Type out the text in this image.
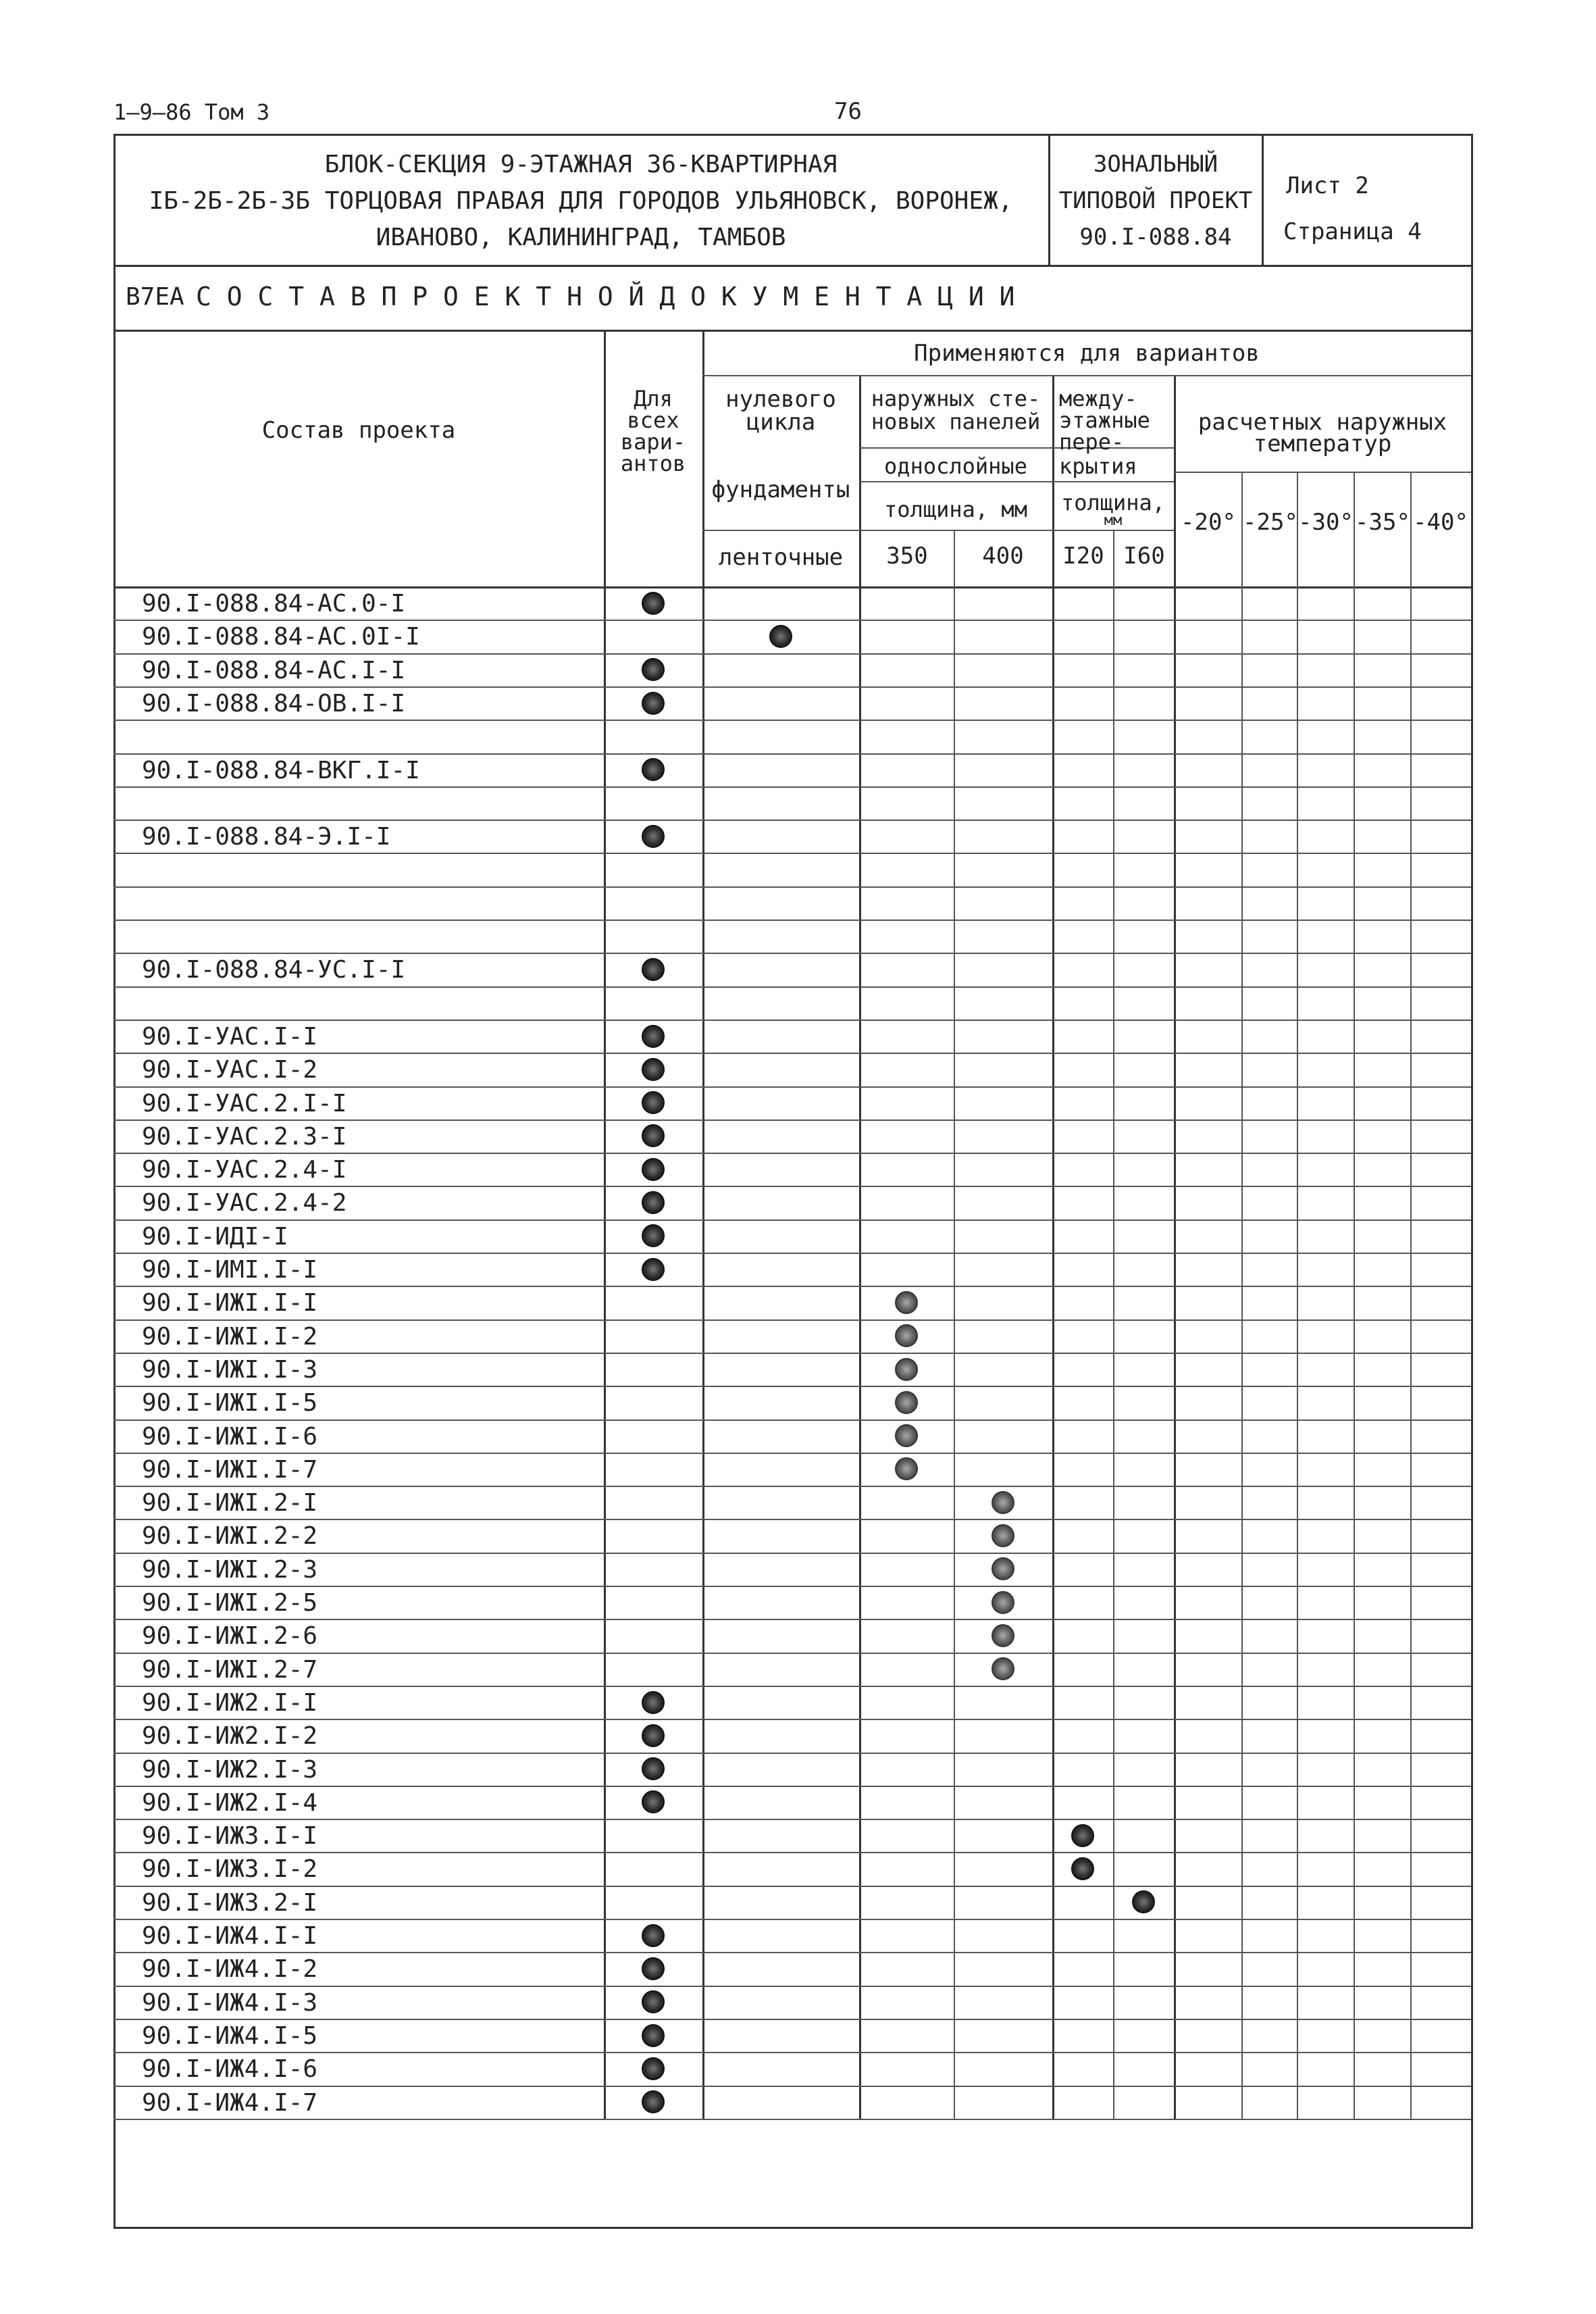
1—9—86 Том 3	76
БЛОК-СЕКЦИЯ 9-ЭТАЖНАЯ 36-КВАРТИРНАЯ
IБ-2Б-2Б-3Б ТОРЦОВАЯ ПРАВАЯ ДЛЯ ГОРОДОВ УЛЬЯНОВСК, ВОРОНЕЖ,
ИВАНОВО, КАЛИНИНГРАД, ТАМБОВ
ЗОНАЛЬНЫЙ
ТИПОВОЙ ПРОЕКТ
90.I-088.84
Лист 2
Страница 4
В7ЕА С О С Т А В П Р О Е К Т Н О Й Д О К У М Е Н Т А Ц И И
Состав проекта
Для
всех
вари-
антов
Применяются для вариантов
нулевого
цикла
фундаменты
ленточные
наружных сте-
новых панелей
однослойные
толщина, мм
350	400
между-
этажные
пере-
крытия
толщина,
мм
I20 I60
расчетных наружных
температур
-20° -25° -30° -35° -40°
90.I-088.84-АС.0-I
90.I-088.84-АС.0I-I
90.I-088.84-АС.I-I
90.I-088.84-ОВ.I-I
90.I-088.84-ВКГ.I-I
90.I-088.84-Э.I-I
90.I-088.84-УС.I-I
90.I-УАС.I-I
90.I-УАС.I-2
90.I-УАС.2.I-I
90.I-УАС.2.3-I
90.I-УАС.2.4-I
90.I-УАС.2.4-2
90.I-ИДI-I
90.I-ИМI.I-I
90.I-ИЖI.I-I
90.I-ИЖI.I-2
90.I-ИЖI.I-3
90.I-ИЖI.I-5
90.I-ИЖI.I-6
90.I-ИЖI.I-7
90.I-ИЖI.2-I
90.I-ИЖI.2-2
90.I-ИЖI.2-3
90.I-ИЖI.2-5
90.I-ИЖI.2-6
90.I-ИЖI.2-7
90.I-ИЖ2.I-I
90.I-ИЖ2.I-2
90.I-ИЖ2.I-3
90.I-ИЖ2.I-4
90.I-ИЖ3.I-I
90.I-ИЖ3.I-2
90.I-ИЖ3.2-I
90.I-ИЖ4.I-I
90.I-ИЖ4.I-2
90.I-ИЖ4.I-3
90.I-ИЖ4.I-5
90.I-ИЖ4.I-6
90.I-ИЖ4.I-7
